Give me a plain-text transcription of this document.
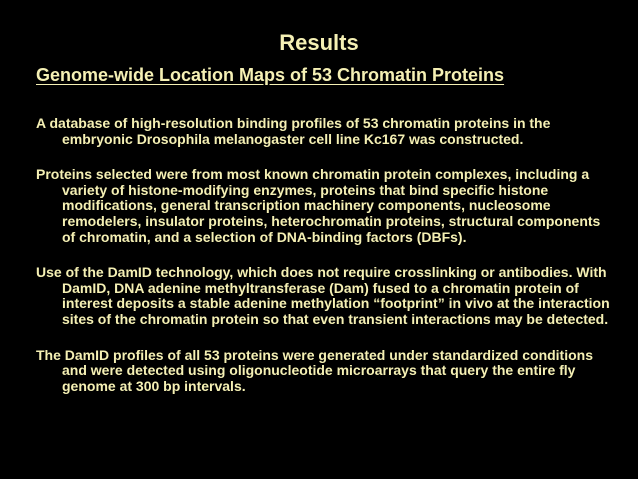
Results
Genome-wide Location Maps of 53 Chromatin Proteins
A database of high-resolution binding profiles of 53 chromatin proteins in the embryonic Drosophila melanogaster cell line Kc167 was constructed.
Proteins selected were from most known chromatin protein complexes, including a variety of histone-modifying enzymes, proteins that bind specific histone modifications, general transcription machinery components, nucleosome remodelers, insulator proteins, heterochromatin proteins, structural components of chromatin, and a selection of DNA-binding factors (DBFs).
Use of the DamID technology, which does not require crosslinking or antibodies. With DamID, DNA adenine methyltransferase (Dam) fused to a chromatin protein of interest deposits a stable adenine methylation “footprint” in vivo at the interaction sites of the chromatin protein so that even transient interactions may be detected.
The DamID profiles of all 53 proteins were generated under standardized conditions and were detected using oligonucleotide microarrays that query the entire fly genome at 300 bp intervals.
